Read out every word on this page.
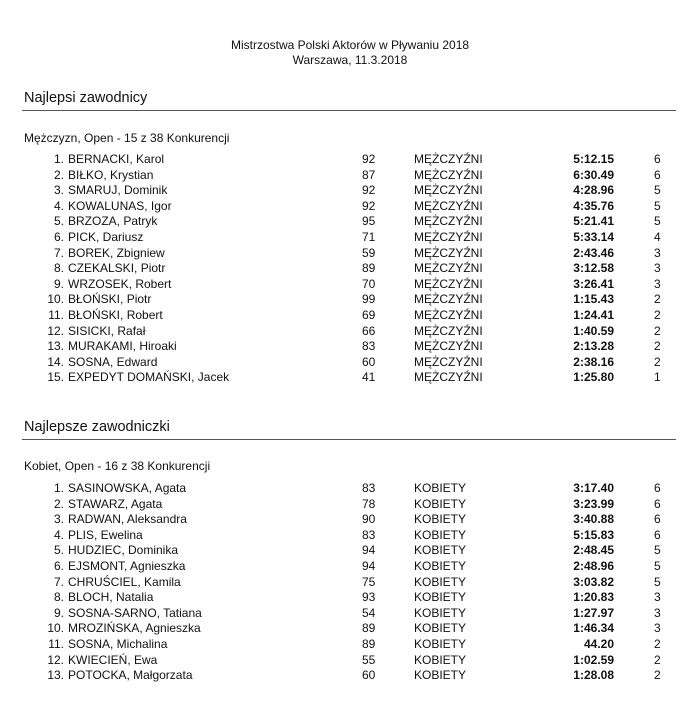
Mistrzostwa Polski Aktorów w Pływaniu 2018
Warszawa, 11.3.2018
Najlepsi zawodnicy
Mężczyzn, Open - 15 z 38 Konkurencji
1. BERNACKI, Karol	92	MĘŻCZYŹNI	5:12.15	6
2. BIŁKO, Krystian	87	MĘŻCZYŹNI	6:30.49	6
3. SMARUJ, Dominik	92	MĘŻCZYŹNI	4:28.96	5
4. KOWALUNAS, Igor	92	MĘŻCZYŹNI	4:35.76	5
5. BRZOZA, Patryk	95	MĘŻCZYŹNI	5:21.41	5
6. PICK, Dariusz	71	MĘŻCZYŹNI	5:33.14	4
7. BOREK, Zbigniew	59	MĘŻCZYŹNI	2:43.46	3
8. CZEKALSKI, Piotr	89	MĘŻCZYŹNI	3:12.58	3
9. WRZOSEK, Robert	70	MĘŻCZYŹNI	3:26.41	3
10. BŁOŃSKI, Piotr	99	MĘŻCZYŹNI	1:15.43	2
11. BŁOŃSKI, Robert	69	MĘŻCZYŹNI	1:24.41	2
12. SISICKI, Rafał	66	MĘŻCZYŹNI	1:40.59	2
13. MURAKAMI, Hiroaki	83	MĘŻCZYŹNI	2:13.28	2
14. SOSNA, Edward	60	MĘŻCZYŹNI	2:38.16	2
15. EXPEDYT DOMAŃSKI, Jacek	41	MĘŻCZYŹNI	1:25.80	1
Najlepsze zawodniczki
Kobiet, Open - 16 z 38 Konkurencji
1. SASINOWSKA, Agata	83	KOBIETY	3:17.40	6
2. STAWARZ, Agata	78	KOBIETY	3:23.99	6
3. RADWAN, Aleksandra	90	KOBIETY	3:40.88	6
4. PLIS, Ewelina	83	KOBIETY	5:15.83	6
5. HUDZIEC, Dominika	94	KOBIETY	2:48.45	5
6. EJSMONT, Agnieszka	94	KOBIETY	2:48.96	5
7. CHRUŚCIEL, Kamila	75	KOBIETY	3:03.82	5
8. BLOCH, Natalia	93	KOBIETY	1:20.83	3
9. SOSNA-SARNO, Tatiana	54	KOBIETY	1:27.97	3
10. MROZIŃSKA, Agnieszka	89	KOBIETY	1:46.34	3
11. SOSNA, Michalina	89	KOBIETY	44.20	2
12. KWIECIEŃ, Ewa	55	KOBIETY	1:02.59	2
13. POTOCKA, Małgorzata	60	KOBIETY	1:28.08	2
